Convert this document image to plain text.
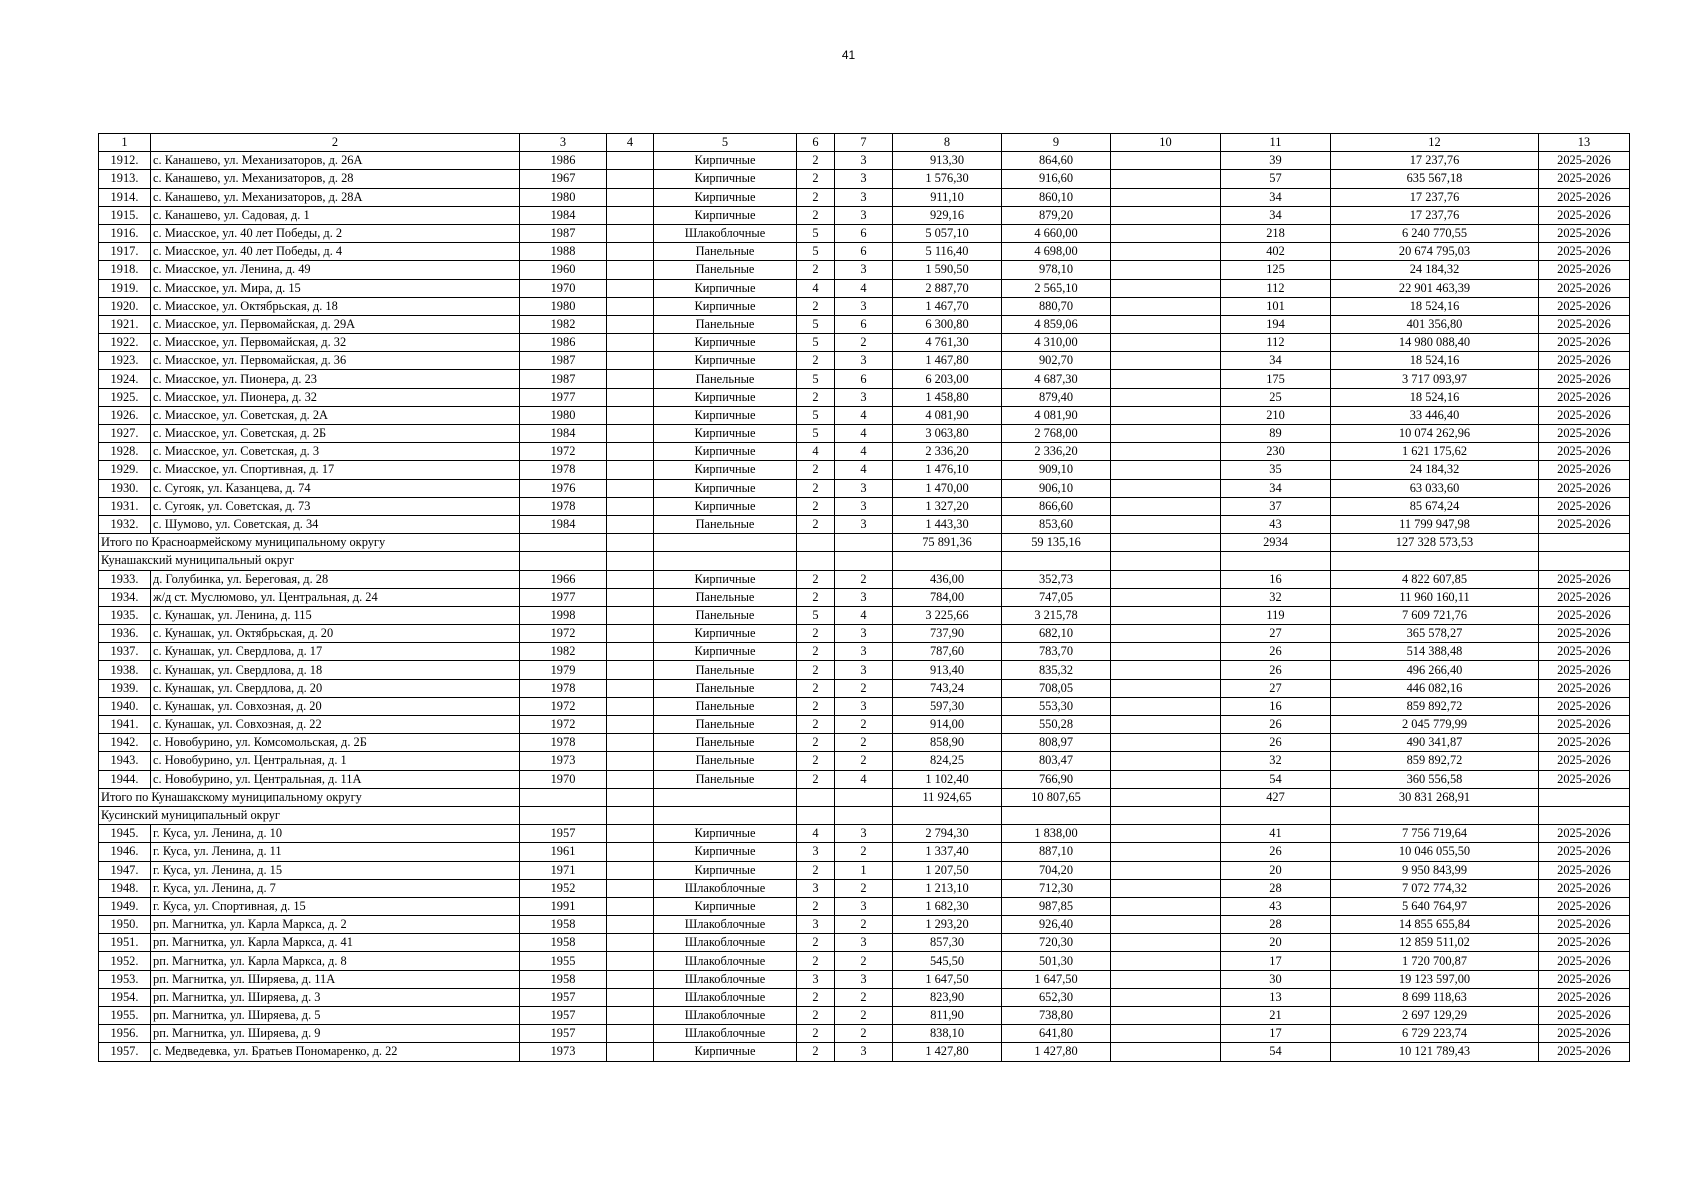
41
1	2	3	4	5	6	7	8	9	10	11	12	13
1912.	с. Канашево, ул. Механизаторов, д. 26А	1986		Кирпичные	2	3	913,30	864,60		39	17 237,76	2025-2026
1913.	с. Канашево, ул. Механизаторов, д. 28	1967		Кирпичные	2	3	1 576,30	916,60		57	635 567,18	2025-2026
1914.	с. Канашево, ул. Механизаторов, д. 28А	1980		Кирпичные	2	3	911,10	860,10		34	17 237,76	2025-2026
1915.	с. Канашево, ул. Садовая, д. 1	1984		Кирпичные	2	3	929,16	879,20		34	17 237,76	2025-2026
1916.	с. Миасское, ул. 40 лет Победы, д. 2	1987		Шлакоблочные	5	6	5 057,10	4 660,00		218	6 240 770,55	2025-2026
1917.	с. Миасское, ул. 40 лет Победы, д. 4	1988		Панельные	5	6	5 116,40	4 698,00		402	20 674 795,03	2025-2026
1918.	с. Миасское, ул. Ленина, д. 49	1960		Панельные	2	3	1 590,50	978,10		125	24 184,32	2025-2026
1919.	с. Миасское, ул. Мира, д. 15	1970		Кирпичные	4	4	2 887,70	2 565,10		112	22 901 463,39	2025-2026
1920.	с. Миасское, ул. Октябрьская, д. 18	1980		Кирпичные	2	3	1 467,70	880,70		101	18 524,16	2025-2026
1921.	с. Миасское, ул. Первомайская, д. 29А	1982		Панельные	5	6	6 300,80	4 859,06		194	401 356,80	2025-2026
1922.	с. Миасское, ул. Первомайская, д. 32	1986		Кирпичные	5	2	4 761,30	4 310,00		112	14 980 088,40	2025-2026
1923.	с. Миасское, ул. Первомайская, д. 36	1987		Кирпичные	2	3	1 467,80	902,70		34	18 524,16	2025-2026
1924.	с. Миасское, ул. Пионера, д. 23	1987		Панельные	5	6	6 203,00	4 687,30		175	3 717 093,97	2025-2026
1925.	с. Миасское, ул. Пионера, д. 32	1977		Кирпичные	2	3	1 458,80	879,40		25	18 524,16	2025-2026
1926.	с. Миасское, ул. Советская, д. 2А	1980		Кирпичные	5	4	4 081,90	4 081,90		210	33 446,40	2025-2026
1927.	с. Миасское, ул. Советская, д. 2Б	1984		Кирпичные	5	4	3 063,80	2 768,00		89	10 074 262,96	2025-2026
1928.	с. Миасское, ул. Советская, д. 3	1972		Кирпичные	4	4	2 336,20	2 336,20		230	1 621 175,62	2025-2026
1929.	с. Миасское, ул. Спортивная, д. 17	1978		Кирпичные	2	4	1 476,10	909,10		35	24 184,32	2025-2026
1930.	с. Сугояк, ул. Казанцева, д. 74	1976		Кирпичные	2	3	1 470,00	906,10		34	63 033,60	2025-2026
1931.	с. Сугояк, ул. Советская, д. 73	1978		Кирпичные	2	3	1 327,20	866,60		37	85 674,24	2025-2026
1932.	с. Шумово, ул. Советская, д. 34	1984		Панельные	2	3	1 443,30	853,60		43	11 799 947,98	2025-2026
Итого по Красноармейскому муниципальному округу							75 891,36	59 135,16		2934	127 328 573,53	
Кунашакский муниципальный округ												
1933.	д. Голубинка, ул. Береговая, д. 28	1966		Кирпичные	2	2	436,00	352,73		16	4 822 607,85	2025-2026
1934.	ж/д ст. Муслюмово, ул. Центральная, д. 24	1977		Панельные	2	3	784,00	747,05		32	11 960 160,11	2025-2026
1935.	с. Кунашак, ул. Ленина, д. 115	1998		Панельные	5	4	3 225,66	3 215,78		119	7 609 721,76	2025-2026
1936.	с. Кунашак, ул. Октябрьская, д. 20	1972		Кирпичные	2	3	737,90	682,10		27	365 578,27	2025-2026
1937.	с. Кунашак, ул. Свердлова, д. 17	1982		Кирпичные	2	3	787,60	783,70		26	514 388,48	2025-2026
1938.	с. Кунашак, ул. Свердлова, д. 18	1979		Панельные	2	3	913,40	835,32		26	496 266,40	2025-2026
1939.	с. Кунашак, ул. Свердлова, д. 20	1978		Панельные	2	2	743,24	708,05		27	446 082,16	2025-2026
1940.	с. Кунашак, ул. Совхозная, д. 20	1972		Панельные	2	3	597,30	553,30		16	859 892,72	2025-2026
1941.	с. Кунашак, ул. Совхозная, д. 22	1972		Панельные	2	2	914,00	550,28		26	2 045 779,99	2025-2026
1942.	с. Новобурино, ул. Комсомольская, д. 2Б	1978		Панельные	2	2	858,90	808,97		26	490 341,87	2025-2026
1943.	с. Новобурино, ул. Центральная, д. 1	1973		Панельные	2	2	824,25	803,47		32	859 892,72	2025-2026
1944.	с. Новобурино, ул. Центральная, д. 11А	1970		Панельные	2	4	1 102,40	766,90		54	360 556,58	2025-2026
Итого по Кунашакскому муниципальному округу							11 924,65	10 807,65		427	30 831 268,91	
Кусинский муниципальный округ												
1945.	г. Куса, ул. Ленина, д. 10	1957		Кирпичные	4	3	2 794,30	1 838,00		41	7 756 719,64	2025-2026
1946.	г. Куса, ул. Ленина, д. 11	1961		Кирпичные	3	2	1 337,40	887,10		26	10 046 055,50	2025-2026
1947.	г. Куса, ул. Ленина, д. 15	1971		Кирпичные	2	1	1 207,50	704,20		20	9 950 843,99	2025-2026
1948.	г. Куса, ул. Ленина, д. 7	1952		Шлакоблочные	3	2	1 213,10	712,30		28	7 072 774,32	2025-2026
1949.	г. Куса, ул. Спортивная, д. 15	1991		Кирпичные	2	3	1 682,30	987,85		43	5 640 764,97	2025-2026
1950.	рп. Магнитка, ул. Карла Маркса, д. 2	1958		Шлакоблочные	3	2	1 293,20	926,40		28	14 855 655,84	2025-2026
1951.	рп. Магнитка, ул. Карла Маркса, д. 41	1958		Шлакоблочные	2	3	857,30	720,30		20	12 859 511,02	2025-2026
1952.	рп. Магнитка, ул. Карла Маркса, д. 8	1955		Шлакоблочные	2	2	545,50	501,30		17	1 720 700,87	2025-2026
1953.	рп. Магнитка, ул. Ширяева, д. 11А	1958		Шлакоблочные	3	3	1 647,50	1 647,50		30	19 123 597,00	2025-2026
1954.	рп. Магнитка, ул. Ширяева, д. 3	1957		Шлакоблочные	2	2	823,90	652,30		13	8 699 118,63	2025-2026
1955.	рп. Магнитка, ул. Ширяева, д. 5	1957		Шлакоблочные	2	2	811,90	738,80		21	2 697 129,29	2025-2026
1956.	рп. Магнитка, ул. Ширяева, д. 9	1957		Шлакоблочные	2	2	838,10	641,80		17	6 729 223,74	2025-2026
1957.	с. Медведевка, ул. Братьев Пономаренко, д. 22	1973		Кирпичные	2	3	1 427,80	1 427,80		54	10 121 789,43	2025-2026
